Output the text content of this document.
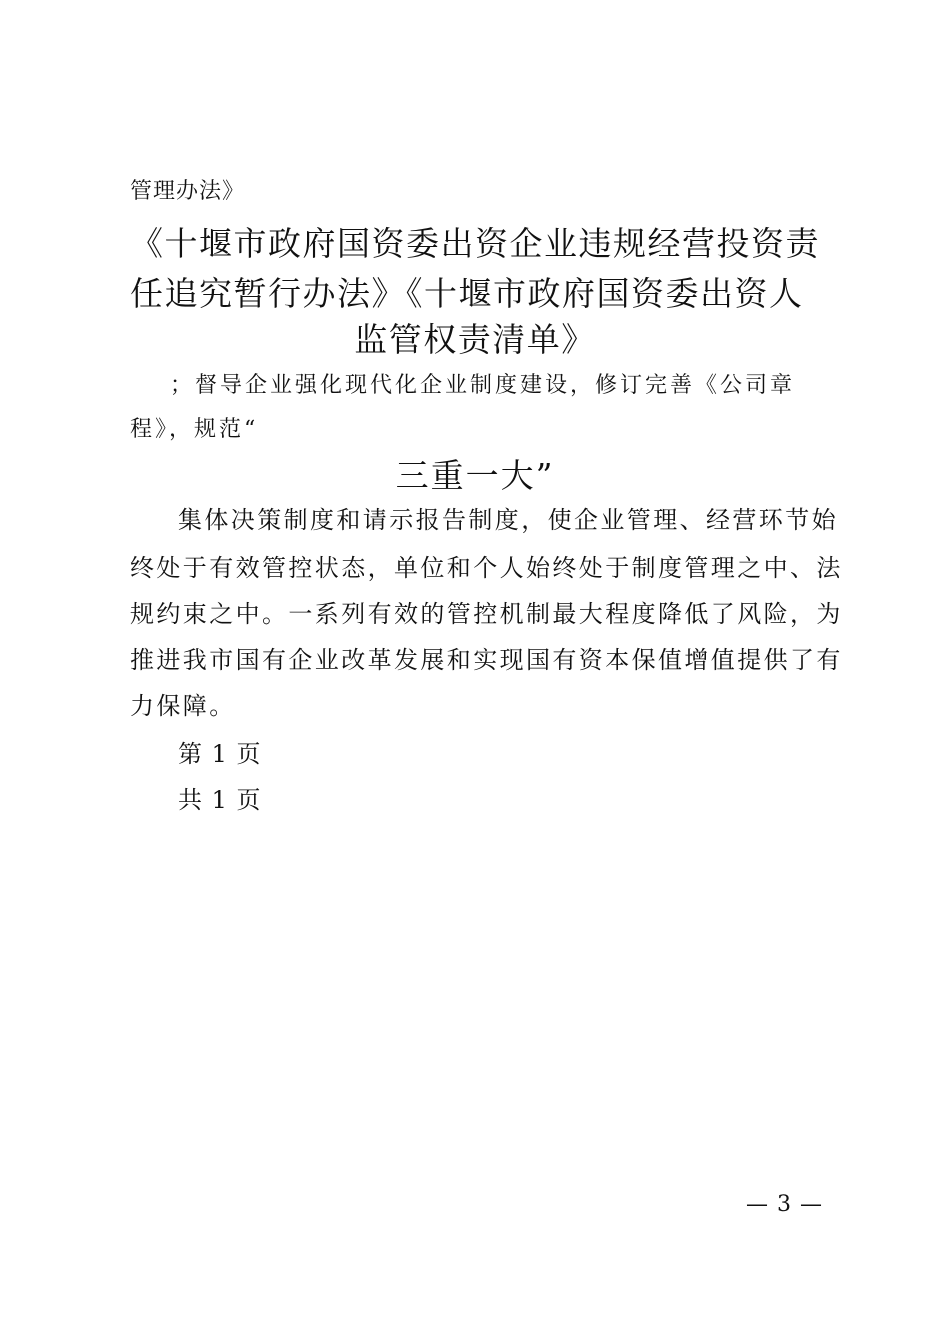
管理办法》

《十堰市政府国资委出资企业违规经营投资责

任追究暂行办法》《十堰市政府国资委出资人

监管权责清单》

；督导企业强化现代化企业制度建设，修订完善《公司章

程》，规范“

三重一大”

集体决策制度和请示报告制度，使企业管理、经营环节始

终处于有效管控状态，单位和个人始终处于制度管理之中、法

规约束之中。一系列有效的管控机制最大程度降低了风险，为

推进我市国有企业改革发展和实现国有资本保值增值提供了有

力保障。

第 1 页

共 1 页

— 3 —
